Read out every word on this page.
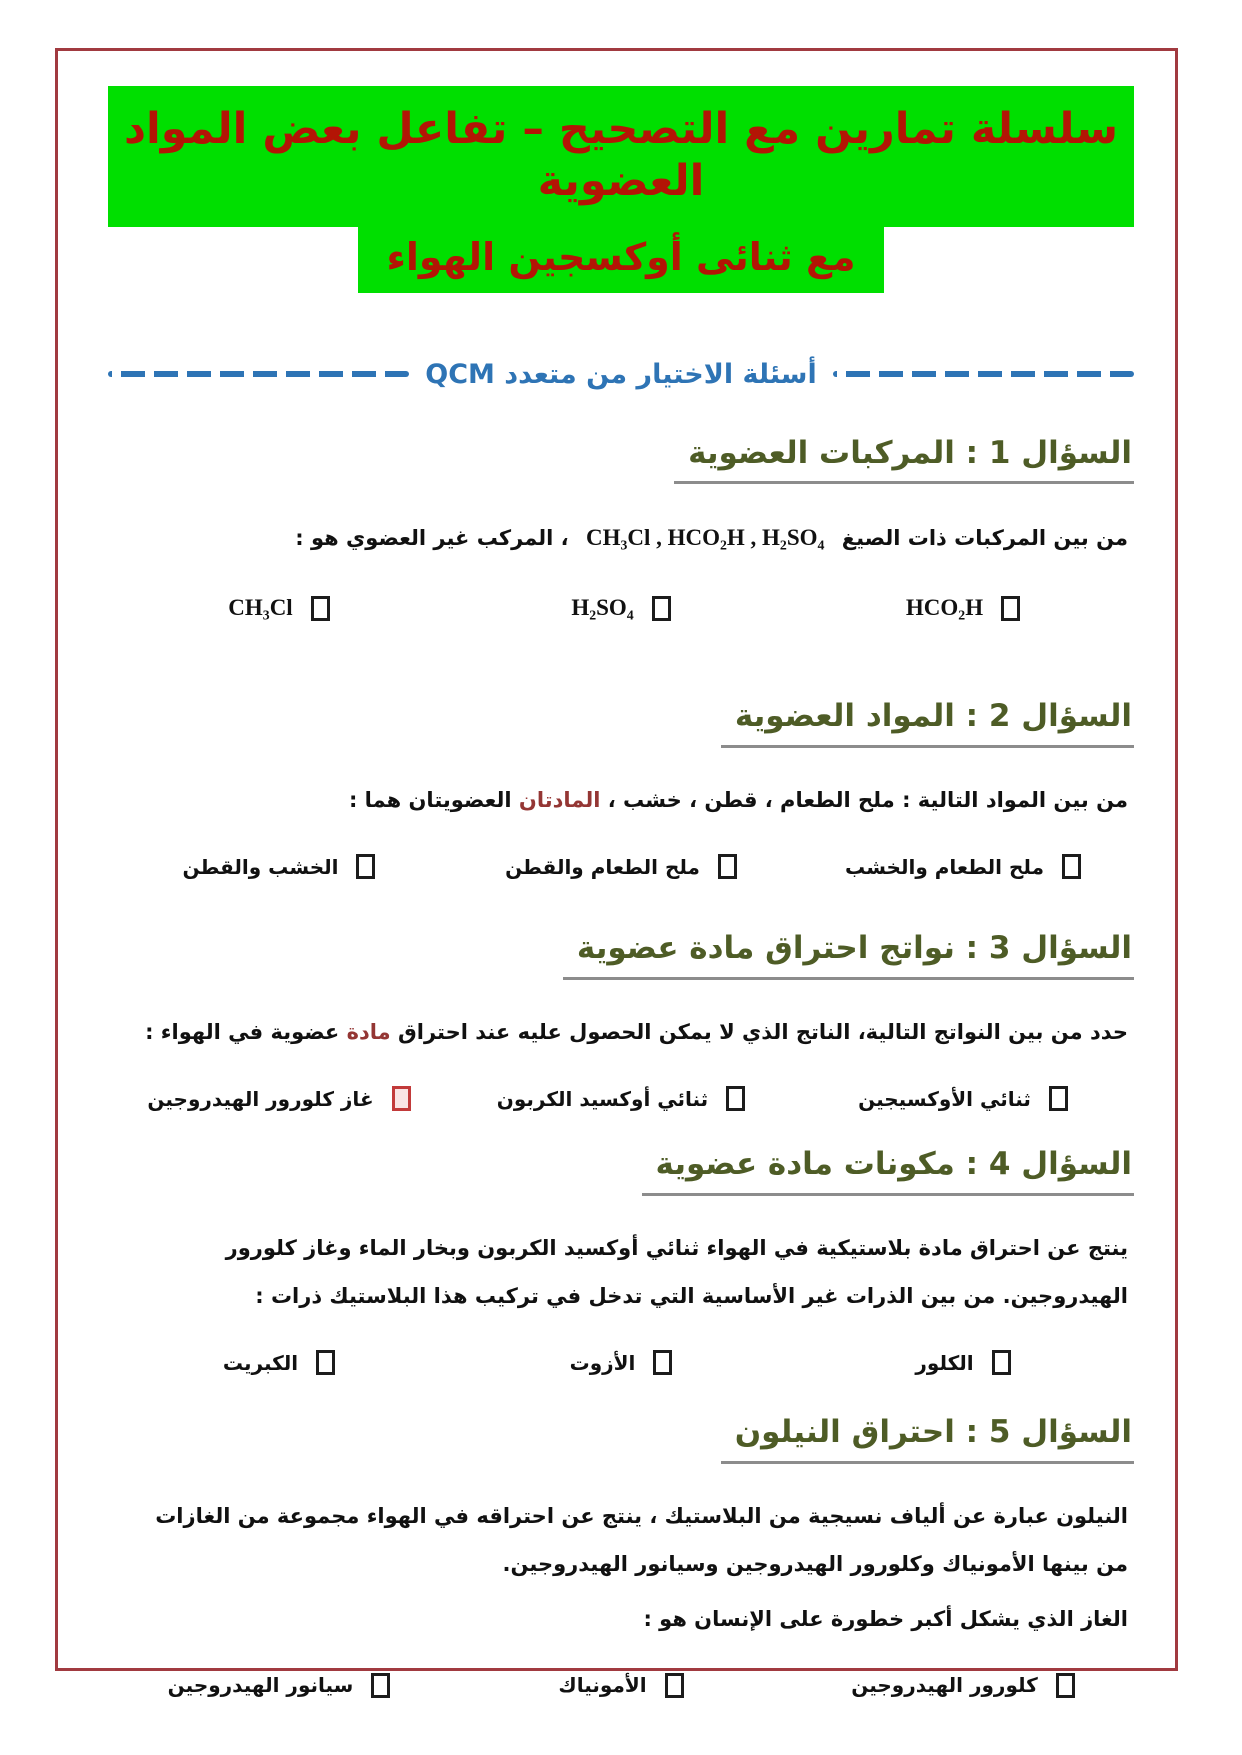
سلسلة تمارين مع التصحيح – تفاعل بعض المواد العضوية
مع ثنائى أوكسجين الهواء
أسئلة الاختيار من متعدد QCM
السؤال 1 : المركبات العضوية

من بين المركبات ذات الصيغ CH₃Cl , HCO₂H , H₂SO₄ ، المركب غير العضوي هو :

HCO₂H
H₂SO₄
CH₃Cl
السؤال 2 : المواد العضوية

من بين المواد التالية : ملح الطعام ، قطن ، خشب ، المادتان العضويتان هما :

ملح الطعام والخشب
ملح الطعام والقطن
الخشب والقطن
السؤال 3 : نواتج احتراق مادة عضوية

حدد من بين النواتج التالية، الناتج الذي لا يمكن الحصول عليه عند احتراق مادة عضوية في الهواء :

ثنائي الأوكسيجين
ثنائي أوكسيد الكربون
غاز كلورور الهيدروجين
السؤال 4 : مكونات مادة عضوية

ينتج عن احتراق مادة بلاستيكية في الهواء ثنائي أوكسيد الكربون وبخار الماء وغاز كلورور الهيدروجين. من بين الذرات غير الأساسية التي تدخل في تركيب هذا البلاستيك ذرات :

الكلور
الأزوت
الكبريت
السؤال 5 : احتراق النيلون

النيلون عبارة عن ألياف نسيجية من البلاستيك ، ينتج عن احتراقه في الهواء مجموعة من الغازات من بينها الأمونياك وكلورور الهيدروجين وسيانور الهيدروجين.

الغاز الذي يشكل أكبر خطورة على الإنسان هو :

كلورور الهيدروجين
الأمونياك
سيانور الهيدروجين
